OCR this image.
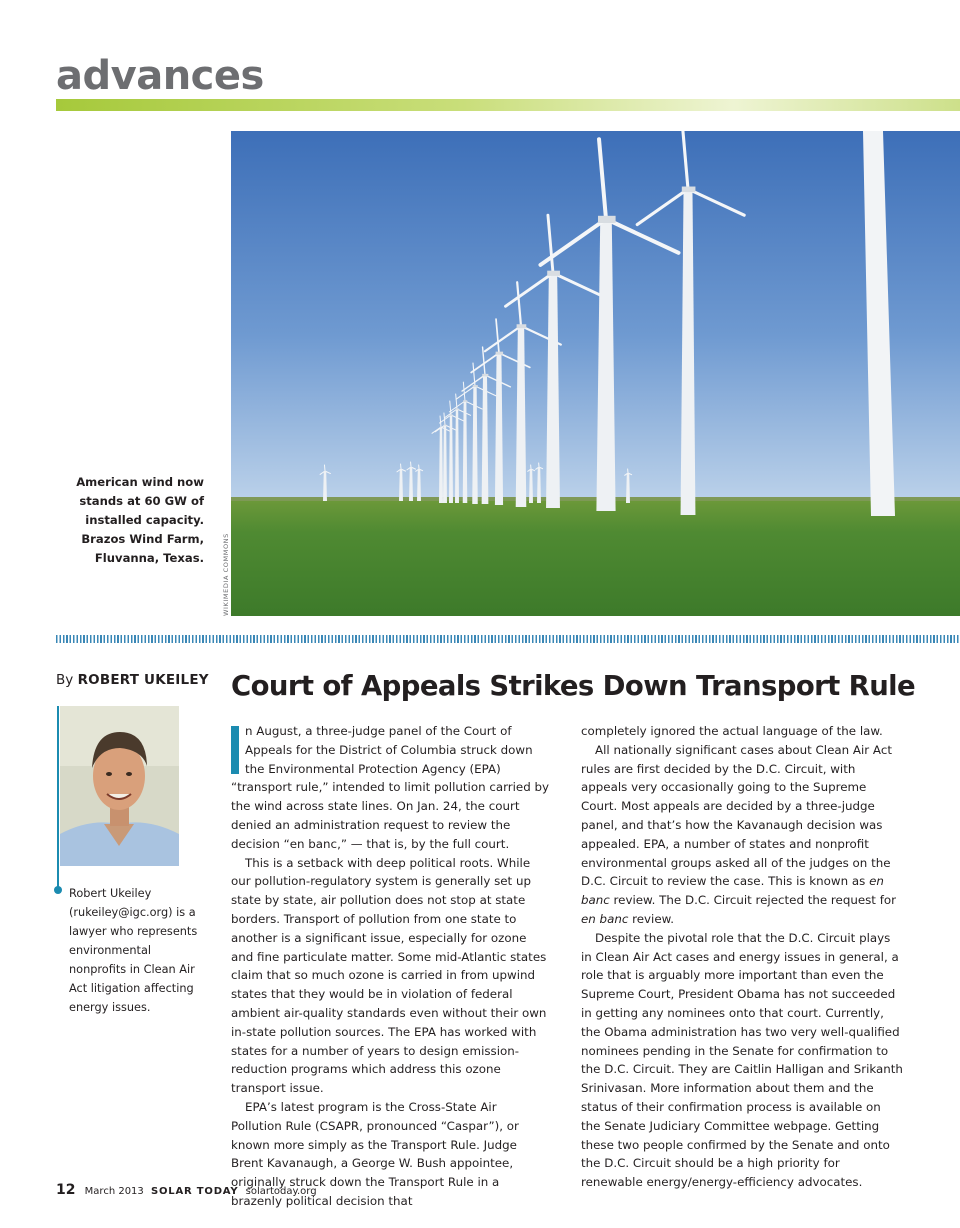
advances

American wind now stands at 60 GW of installed capacity. Brazos Wind Farm, Fluvanna, Texas.	WIKIMEDIA COMMONS
By ROBERT UKEILEY

Robert Ukeiley (rukeiley@igc.org) is a lawyer who represents environmental nonprofits in Clean Air Act litigation affecting energy issues.

Court of Appeals Strikes Down Transport Rule

n August, a three-judge panel of the Court of Appeals for the District of Columbia struck down the Environmental Protection Agency (EPA) “transport rule,” intended to limit pollution carried by the wind across state lines. On Jan. 24, the court denied an administration request to review the decision “en banc,” — that is, by the full court.

This is a setback with deep political roots. While our pollution-regulatory system is generally set up state by state, air pollution does not stop at state borders. Transport of pollution from one state to another is a significant issue, especially for ozone and fine particulate matter. Some mid-Atlantic states claim that so much ozone is carried in from upwind states that they would be in violation of federal ambient air-quality standards even without their own in-state pollution sources. The EPA has worked with states for a number of years to design emission-reduction programs which address this ozone transport issue.

EPA’s latest program is the Cross-State Air Pollution Rule (CSAPR, pronounced “Caspar”), or known more simply as the Transport Rule. Judge Brent Kavanaugh, a George W. Bush appointee, originally struck down the Transport Rule in a brazenly political decision that

completely ignored the actual language of the law.

All nationally significant cases about Clean Air Act rules are first decided by the D.C. Circuit, with appeals very occasionally going to the Supreme Court. Most appeals are decided by a three-judge panel, and that’s how the Kavanaugh decision was appealed. EPA, a number of states and nonprofit environmental groups asked all of the judges on the D.C. Circuit to review the case. This is known as en banc review. The D.C. Circuit rejected the request for en banc review.

Despite the pivotal role that the D.C. Circuit plays in Clean Air Act cases and energy issues in general, a role that is arguably more important than even the Supreme Court, President Obama has not succeeded in getting any nominees onto that court. Currently, the Obama administration has two very well-qualified nominees pending in the Senate for confirmation to the D.C. Circuit. They are Caitlin Halligan and Srikanth Srinivasan. More information about them and the status of their confirmation process is available on the Senate Judiciary Committee webpage. Getting these two people confirmed by the Senate and onto the D.C. Circuit should be a high priority for renewable energy/energy-efficiency advocates.

12 March 2013 SOLAR TODAY solartoday.org
